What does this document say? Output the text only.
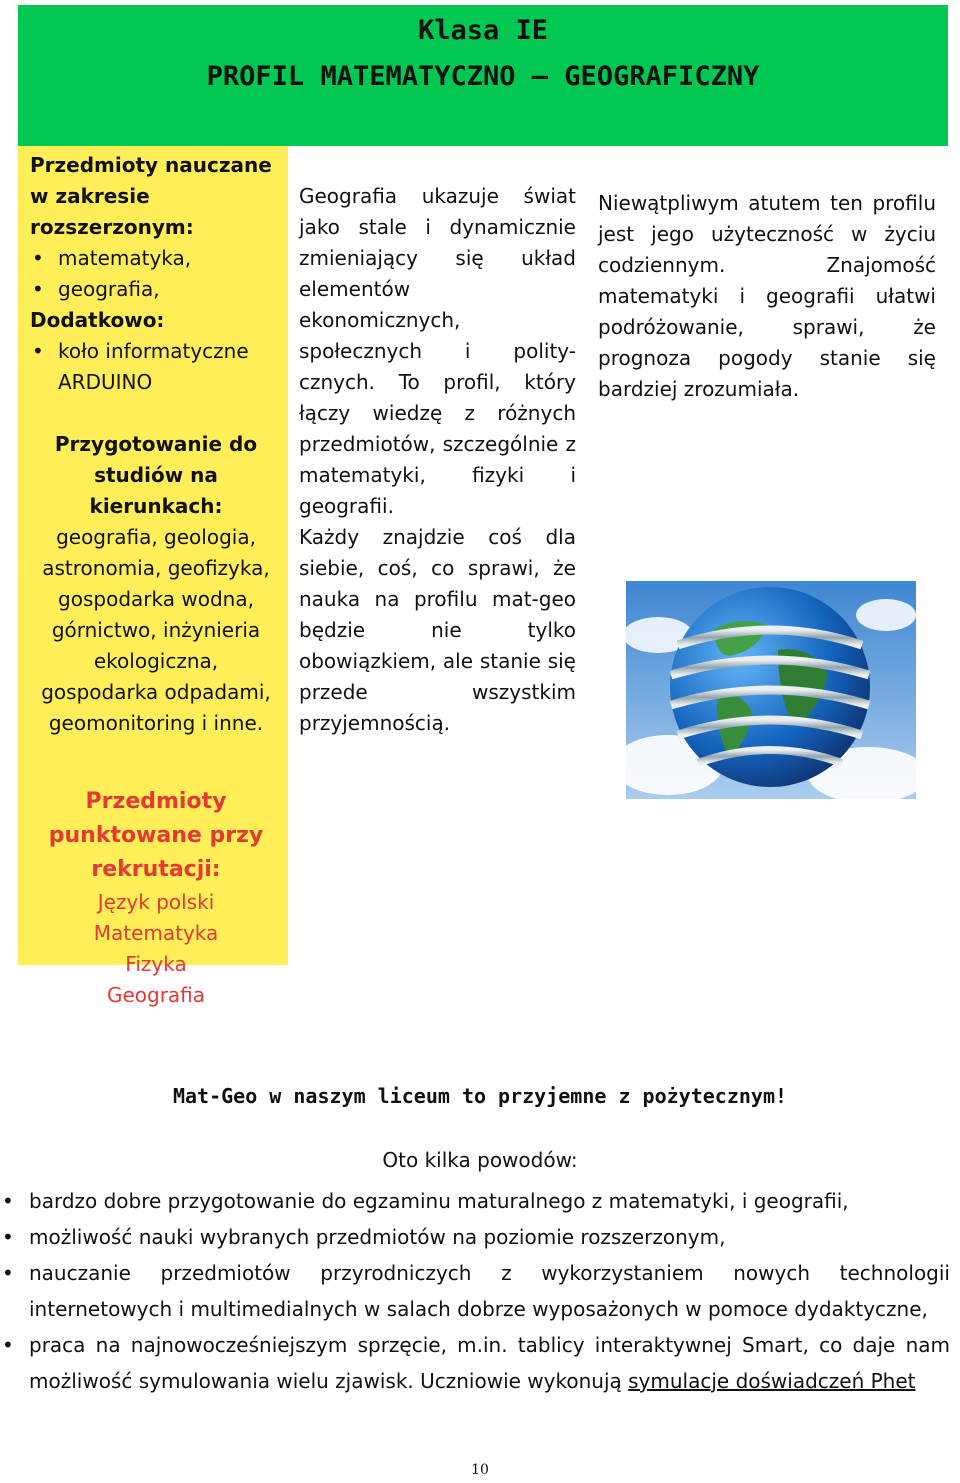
Klasa IE
PROFIL MATEMATYCZNO – GEOGRAFICZNY
Przedmioty nauczane
w zakresie
rozszerzonym:
• matematyka,
• geografia,
Dodatkowo:
• koło informatyczne
ARDUINO
Przygotowanie do
studiów na kierunkach:
geografia, geologia,
astronomia, geofizyka,
gospodarka wodna,
górnictwo, inżynieria
ekologiczna,
gospodarka odpadami,
geomonitoring i inne.
Przedmioty
punktowane przy
rekrutacji:
Język polski
Matematyka
Fizyka
Geografia
Geografia ukazuje świat jako stale i dynamicznie zmieniający się układ elementów ekonomicznych, społecznych i polity-cznych. To profil, który łączy wiedzę z różnych przedmiotów, szczególnie z matematyki, fizyki i geografii.
Każdy znajdzie coś dla siebie, coś, co sprawi, że nauka na profilu mat-geo będzie nie tylko obowiązkiem, ale stanie się przede wszystkim przyjemnością.
Niewątpliwym atutem ten profilu jest jego użyteczność w życiu codziennym. Znajomość matematyki i geografii ułatwi podróżowanie, sprawi, że prognoza pogody stanie się bardziej zrozumiała.
Mat-Geo w naszym liceum to przyjemne z pożytecznym!
Oto kilka powodów:
• bardzo dobre przygotowanie do egzaminu maturalnego z matematyki, i geografii,
• możliwość nauki wybranych przedmiotów na poziomie rozszerzonym,
• nauczanie przedmiotów przyrodniczych z wykorzystaniem nowych technologii internetowych i multimedialnych w salach dobrze wyposażonych w pomoce dydaktyczne,
• praca na najnowocześniejszym sprzęcie, m.in. tablicy interaktywnej Smart, co daje nam możliwość symulowania wielu zjawisk. Uczniowie wykonują symulacje doświadczeń Phet
10
